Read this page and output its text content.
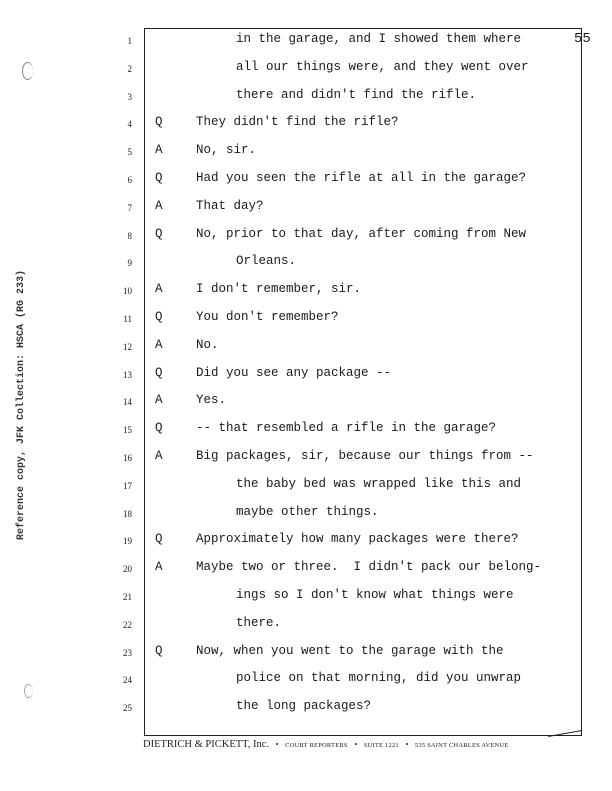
Reference copy, JFK Collection: HSCA (RG 233)
55
1	in the garage, and I showed them where
2	all our things were, and they went over
3	there and didn't find the rifle.
4 Q	They didn't find the rifle?
5 A	No, sir.
6 Q	Had you seen the rifle at all in the garage?
7 A	That day?
8 Q	No, prior to that day, after coming from New
9	Orleans.
10 A	I don't remember, sir.
11 Q	You don't remember?
12 A	No.
13 Q	Did you see any package --
14 A	Yes.
15 Q	-- that resembled a rifle in the garage?
16 A	Big packages, sir, because our things from --
17	the baby bed was wrapped like this and
18	maybe other things.
19 Q	Approximately how many packages were there?
20 A	Maybe two or three.  I didn't pack our belong-
21	ings so I don't know what things were
22	there.
23 Q	Now, when you went to the garage with the
24	police on that morning, did you unwrap
25	the long packages?
DIETRICH & PICKETT, Inc. • COURT REPORTERS • SUITE 1221 • 535 SAINT CHARLES AVENUE
